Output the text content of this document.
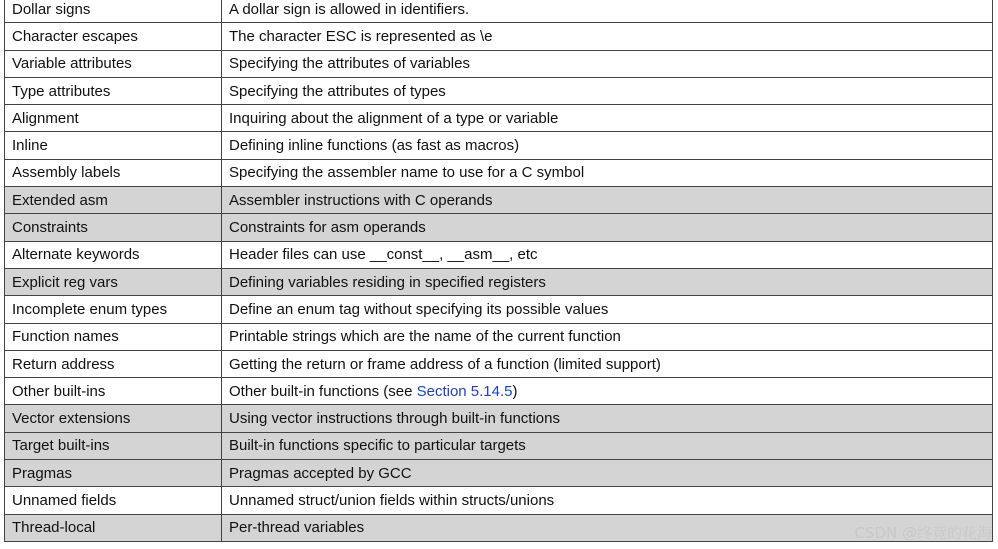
Dollar signs	A dollar sign is allowed in identifiers.
Character escapes	The character ESC is represented as \e
Variable attributes	Specifying the attributes of variables
Type attributes	Specifying the attributes of types
Alignment	Inquiring about the alignment of a type or variable
Inline	Defining inline functions (as fast as macros)
Assembly labels	Specifying the assembler name to use for a C symbol
Extended asm	Assembler instructions with C operands
Constraints	Constraints for asm operands
Alternate keywords	Header files can use __const__, __asm__, etc
Explicit reg vars	Defining variables residing in specified registers
Incomplete enum types	Define an enum tag without specifying its possible values
Function names	Printable strings which are the name of the current function
Return address	Getting the return or frame address of a function (limited support)
Other built-ins	Other built-in functions (see Section 5.14.5)
Vector extensions	Using vector instructions through built-in functions
Target built-ins	Built-in functions specific to particular targets
Pragmas	Pragmas accepted by GCC
Unnamed fields	Unnamed struct/union fields within structs/unions
Thread-local	Per-thread variables	CSDN @终竟的花海
